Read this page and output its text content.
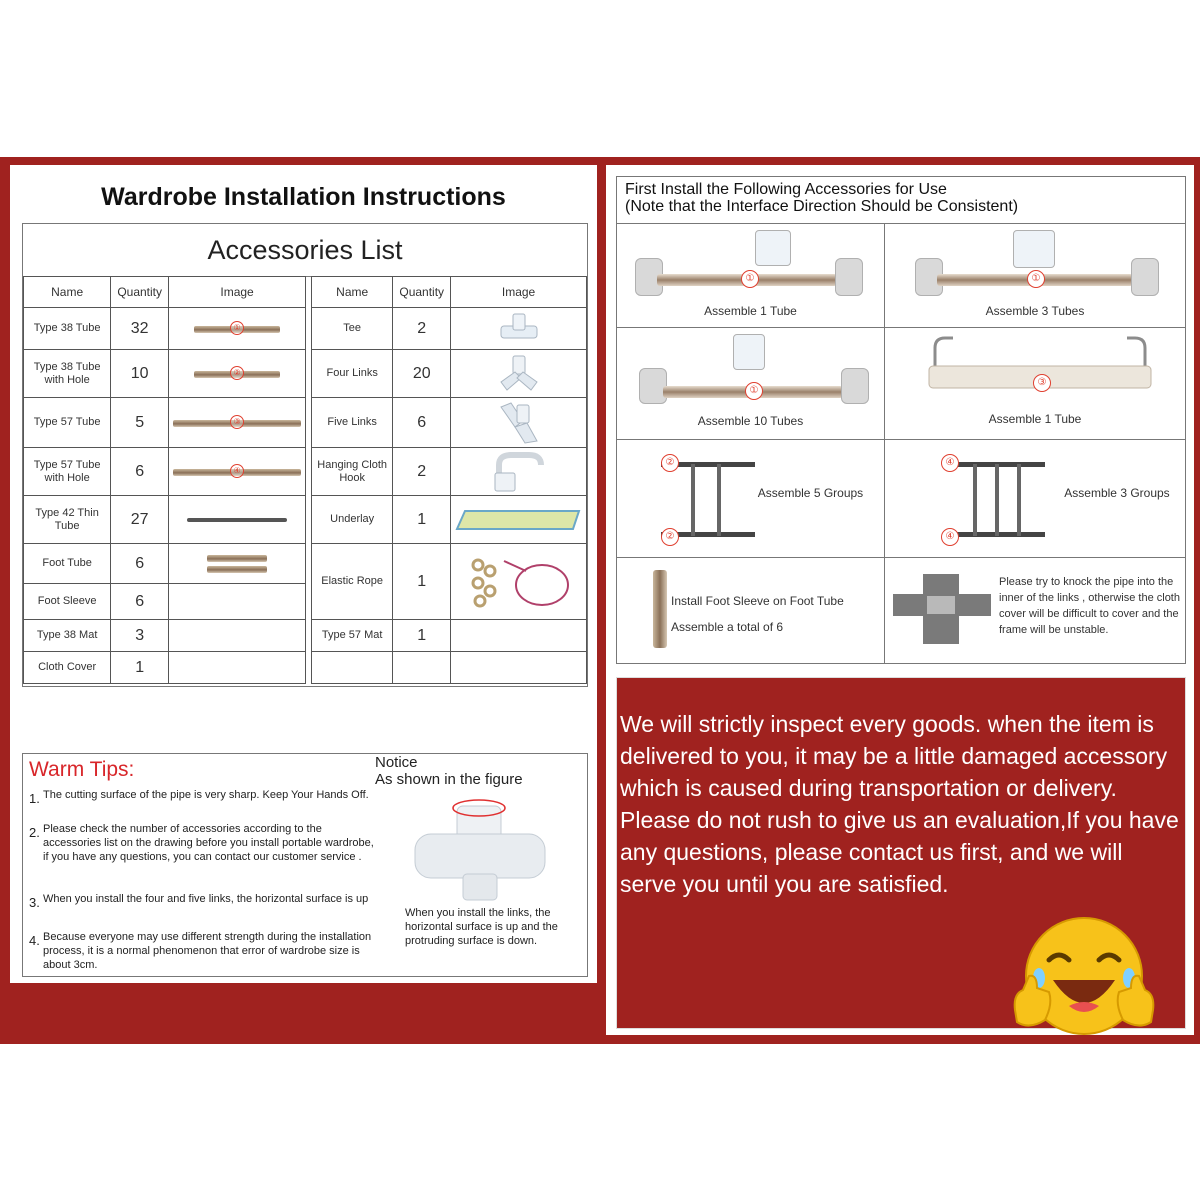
Wardrobe Installation Instructions
Accessories List
Name	Quantity	Image
Type 38 Tube	32	①

Type 38 Tube with Hole	10	②

Type 57 Tube	5	③

Type 57 Tube with Hole	6	④

Type 42 Thin Tube	27	
Foot Tube	6	

Foot Sleeve	6	
Type 38 Mat	3	
Cloth Cover	1	
Name	Quantity	Image
Tee	2	
Four Links	20	
Five Links	6	
Hanging Cloth Hook	2	
Underlay	1	
Elastic Rope	1	
Type 57 Mat	1	

Warm Tips:
1. The cutting surface of the pipe is very sharp. Keep Your Hands Off.
2. Please check the number of accessories according to the accessories list on the drawing before you install portable wardrobe, if you have any questions, you can contact our customer service .
3. When you install the four and five links, the horizontal surface is up
4. Because everyone may use different strength during the installation process, it is a normal phenomenon that error of wardrobe size is about 3cm.
Notice
As shown in the figure
When you install the links, the horizontal surface is up and the protruding surface is down.
First Install the Following Accessories for Use
(Note that the Interface Direction Should be Consistent)
①
Assemble 1 Tube
①
Assemble 3 Tubes
①
Assemble 10 Tubes
③
Assemble 1 Tube
②
②
Assemble 5 Groups
④
④
Assemble 3 Groups
Install Foot Sleeve on Foot Tube
Assemble a total of 6
Please try to knock the pipe into the inner of the links , otherwise the cloth cover will be difficult to cover and the frame will be unstable.
We will strictly inspect every goods. when the item is delivered to you, it may be a little damaged accessory which is caused during transportation or delivery. Please do not rush to give us an evaluation,If you have any questions, please contact us first, and we will serve you until you are satisfied.
